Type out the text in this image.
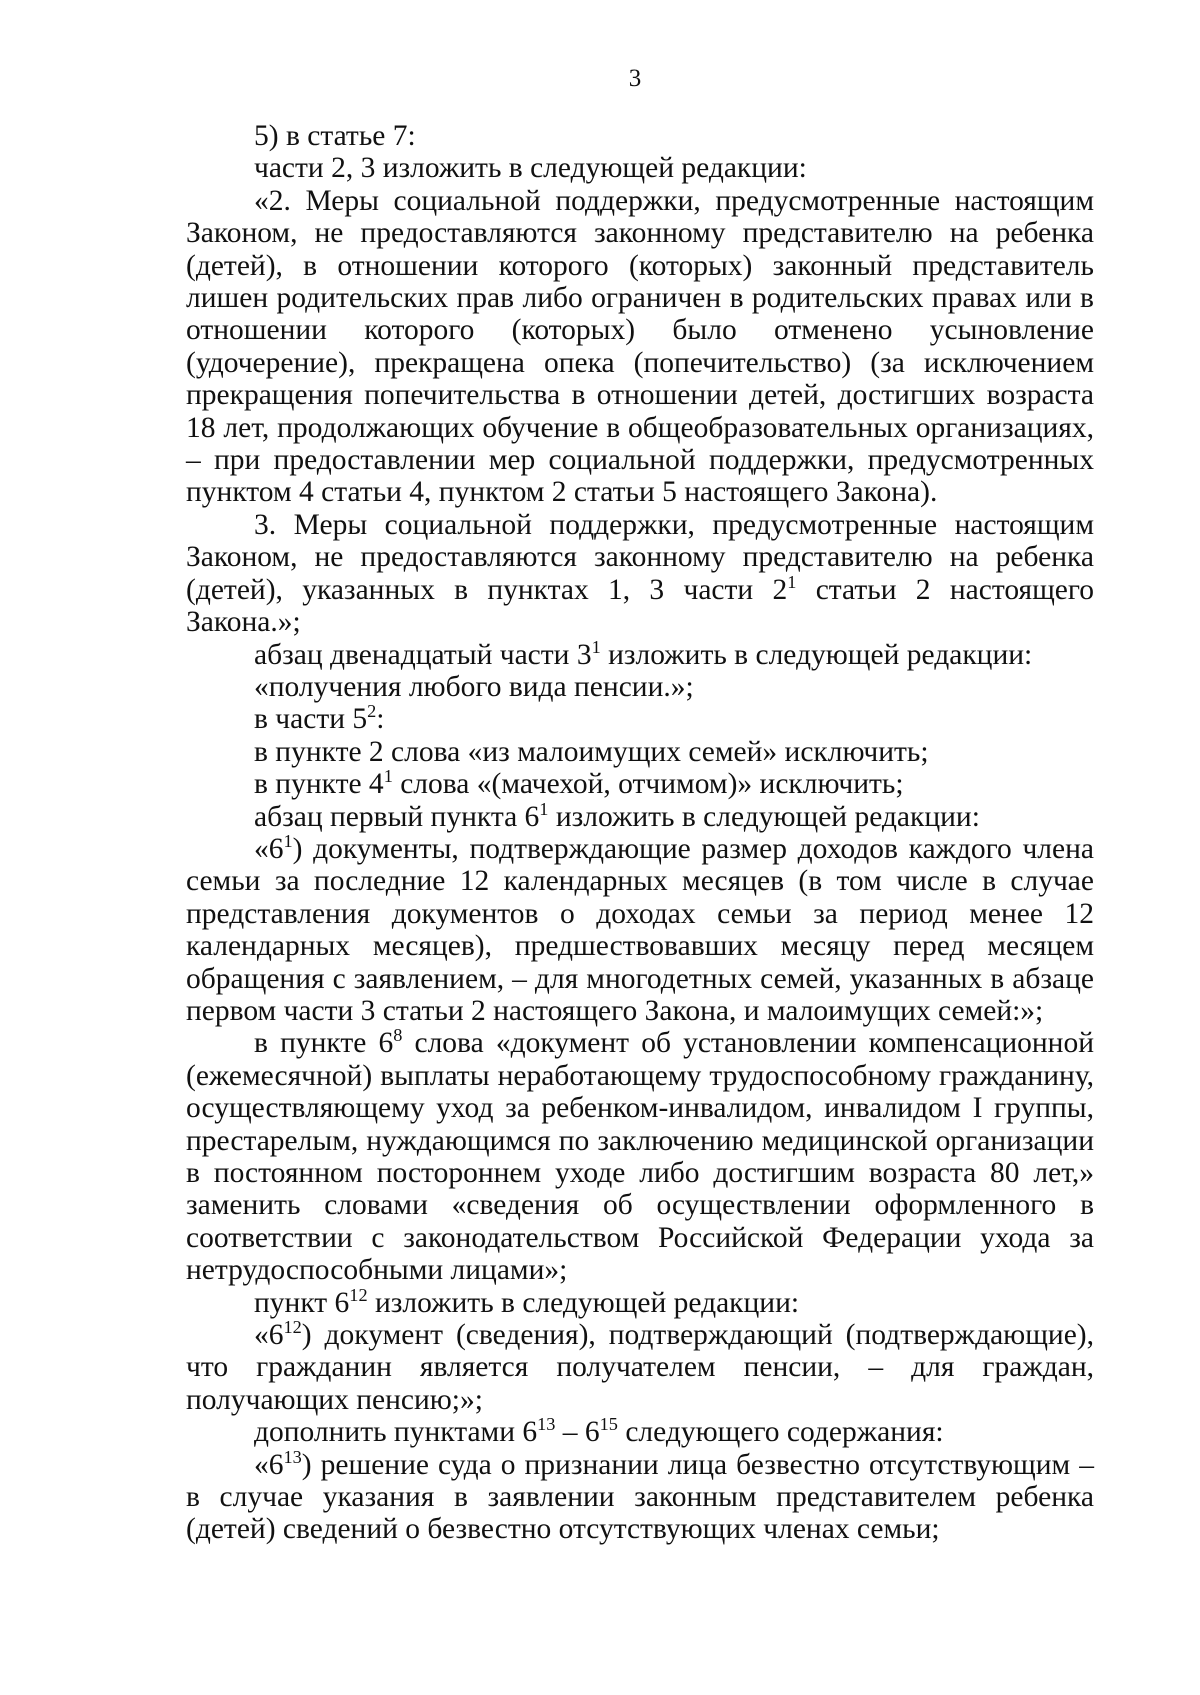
3

5) в статье 7:

части 2, 3 изложить в следующей редакции:

«2. Меры социальной поддержки, предусмотренные настоящим Законом, не предоставляются законному представителю на ребенка (детей), в отношении которого (которых) законный представитель лишен родительских прав либо ограничен в родительских правах или в отношении которого (которых) было отменено усыновление (удочерение), прекращена опека (попечительство) (за исключением прекращения попечительства в отношении детей, достигших возраста 18 лет, продолжающих обучение в общеобразовательных организациях, – при предоставлении мер социальной поддержки, предусмотренных пунктом 4 статьи 4, пунктом 2 статьи 5 настоящего Закона).

3. Меры социальной поддержки, предусмотренные настоящим Законом, не предоставляются законному представителю на ребенка (детей), указанных в пунктах 1, 3 части $2^1$ статьи 2 настоящего Закона.»;

абзац двенадцатый части $3^1$ изложить в следующей редакции:

«получения любого вида пенсии.»;

в части $5^2$:

в пункте 2 слова «из малоимущих семей» исключить;

в пункте $4^1$ слова «(мачехой, отчимом)» исключить;

абзац первый пункта $6^1$ изложить в следующей редакции:

«$6^1$) документы, подтверждающие размер доходов каждого члена семьи за последние 12 календарных месяцев (в том числе в случае представления документов о доходах семьи за период менее 12 календарных месяцев), предшествовавших месяцу перед месяцем обращения с заявлением, – для многодетных семей, указанных в абзаце первом части 3 статьи 2 настоящего Закона, и малоимущих семей:»;

в пункте $6^8$ слова «документ об установлении компенсационной (ежемесячной) выплаты неработающему трудоспособному гражданину, осуществляющему уход за ребенком-инвалидом, инвалидом I группы, престарелым, нуждающимся по заключению медицинской организации в постоянном постороннем уходе либо достигшим возраста 80 лет,» заменить словами «сведения об осуществлении оформленного в соответствии с законодательством Российской Федерации ухода за нетрудоспособными лицами»;

пункт $6^{12}$ изложить в следующей редакции:

«$6^{12}$) документ (сведения), подтверждающий (подтверждающие), что гражданин является получателем пенсии, – для граждан, получающих пенсию;»;

дополнить пунктами $6^{13} - 6^{15}$ следующего содержания:

«$6^{13}$) решение суда о признании лица безвестно отсутствующим – в случае указания в заявлении законным представителем ребенка (детей) сведений о безвестно отсутствующих членах семьи;
